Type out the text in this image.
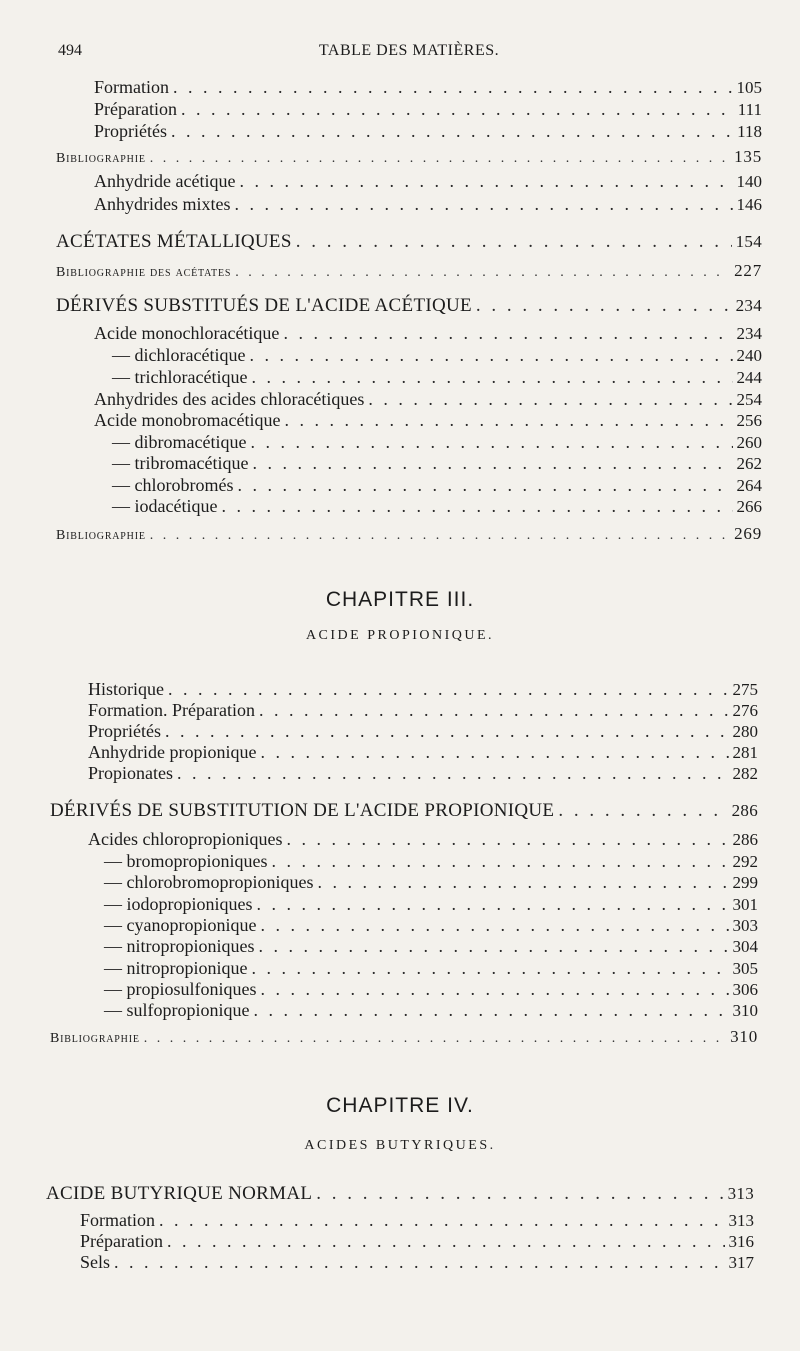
494	TABLE DES MATIÈRES.
Formation . . .	105
Préparation . . .	111
Propriétés . . .	118
Bibliographie . . .	135
Anhydride acétique . . .	140
Anhydrides mixtes . . .	146
ACÉTATES MÉTALLIQUES . . .	154
Bibliographie des acétates . . .	227
DÉRIVÉS SUBSTITUÉS DE L'ACIDE ACÉTIQUE . . .	234
Acide monochloracétique . . .	234
— dichloracétique . . .	240
— trichloracétique . . .	244
Anhydrides des acides chloracétiques . . .	254
Acide monobromacétique . . .	256
— dibromacétique . . .	260
— tribromacétique . . .	262
— chlorobromés . . .	264
— iodacétique . . .	266
Bibliographie . . .	269
CHAPITRE III.
ACIDE PROPIONIQUE.
Historique . . .	275
Formation. Préparation . . .	276
Propriétés . . .	280
Anhydride propionique . . .	281
Propionates . . .	282
DÉRIVÉS DE SUBSTITUTION DE L'ACIDE PROPIONIQUE . . .	286
Acides chloropropioniques . . .	286
— bromopropioniques . . .	292
— chlorobromopropioniques . . .	299
— iodopropioniques . . .	301
— cyanopropionique . . .	303
— nitropropioniques . . .	304
— nitropropionique . . .	305
— propiosulfoniques . . .	306
— sulfopropionique . . .	310
Bibliographie . . .	310
CHAPITRE IV.
ACIDES BUTYRIQUES.
ACIDE BUTYRIQUE NORMAL . . .	313
Formation . . .	313
Préparation . . .	316
Sels . . .	317
